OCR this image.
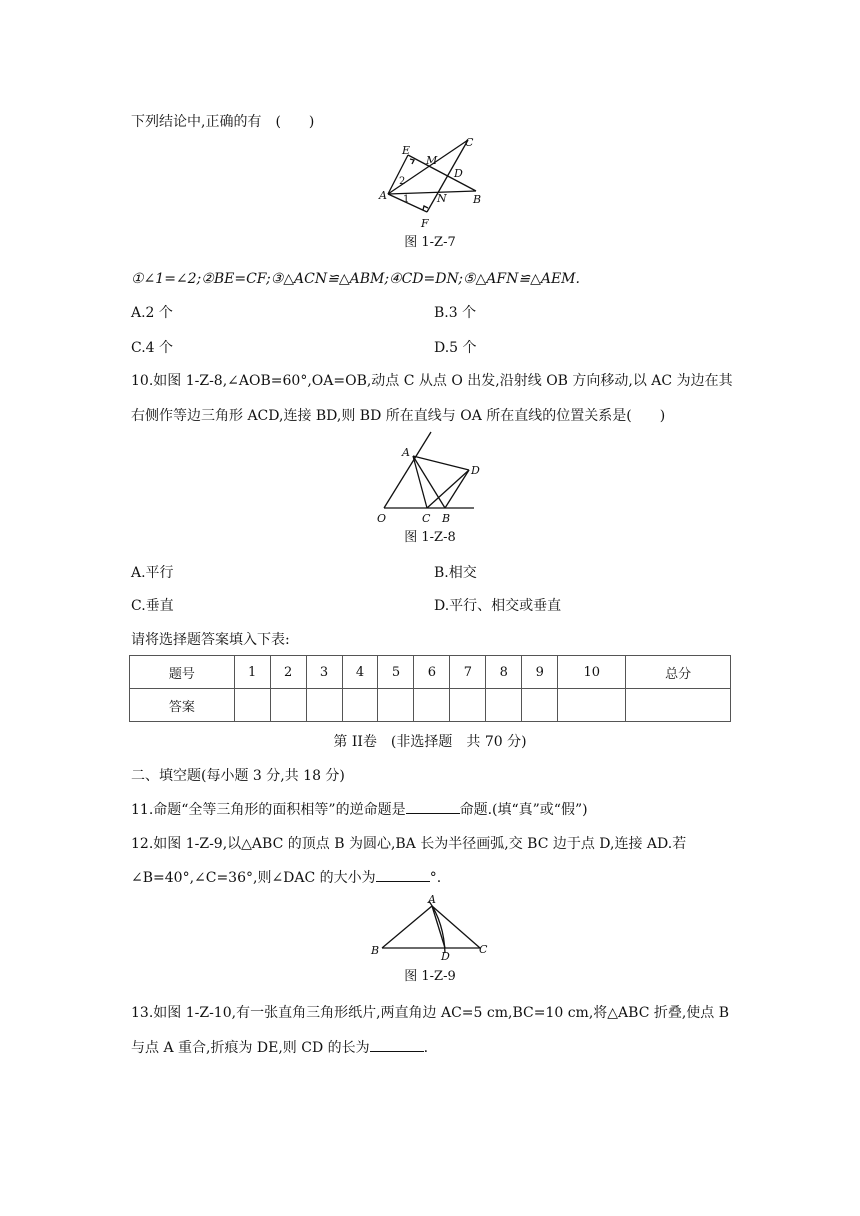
下列结论中,正确的有　(　　)
E
M
C
D
A	N B
F
1
2
图 1-Z-7
①∠1=∠2;②BE=CF;③△ACN≌△ABM;④CD=DN;⑤△AFN≌△AEM.
A.2 个	B.3 个
C.4 个	D.5 个
10.如图 1-Z-8,∠AOB=60°,OA=OB,动点 C 从点 O 出发,沿射线 OB 方向移动,以 AC 为边在其
右侧作等边三角形 ACD,连接 BD,则 BD 所在直线与 OA 所在直线的位置关系是(　　)
A
D
O	C B
图 1-Z-8
A.平行	B.相交
C.垂直	D.平行、相交或垂直
请将选择题答案填入下表:
题号	1	2	3	4	5	6	7	8	9	10	总分
答案											
第 II卷　(非选择题　共 70 分)
二、填空题(每小题 3 分,共 18 分)
11.命题“全等三角形的面积相等”的逆命题是	命题.(填“真”或“假”)
12.如图 1-Z-9,以△ABC 的顶点 B 为圆心,BA 长为半径画弧,交 BC 边于点 D,连接 AD.若
∠B=40°,∠C=36°,则∠DAC 的大小为	°.
A
B	D
C
图 1-Z-9
13.如图 1-Z-10,有一张直角三角形纸片,两直角边 AC=5 cm,BC=10 cm,将△ABC 折叠,使点 B
与点 A 重合,折痕为 DE,则 CD 的长为	.
